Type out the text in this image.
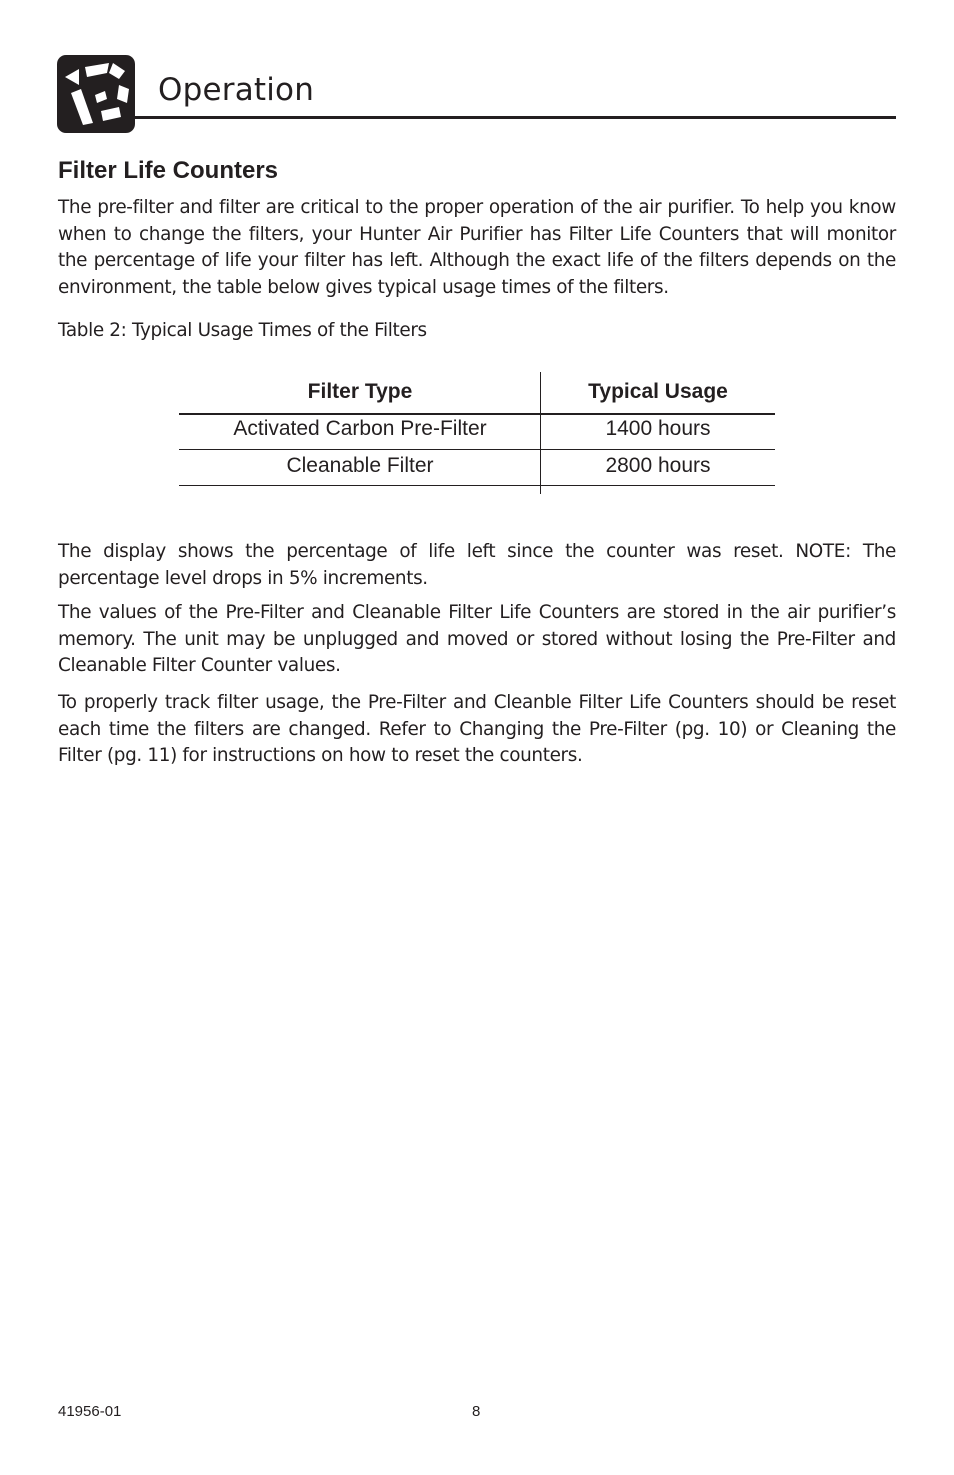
Operation
Filter Life Counters

The pre-filter and filter are critical to the proper operation of the air purifier. To help you know when to change the filters, your Hunter Air Purifier has Filter Life Counters that will monitor the percentage of life your filter has left. Although the exact life of the filters depends on the environment, the table below gives typical usage times of the filters.

Table 2: Typical Usage Times of the Filters

Filter Type	Typical Usage
Activated Carbon Pre-Filter	1400 hours
Cleanable Filter	2800 hours

The display shows the percentage of life left since the counter was reset. NOTE: The percentage level drops in 5% increments.

The values of the Pre-Filter and Cleanable Filter Life Counters are stored in the air purifier’s memory. The unit may be unplugged and moved or stored without losing the Pre-Filter and Cleanable Filter Counter values.

To properly track filter usage, the Pre-Filter and Cleanble Filter Life Counters should be reset each time the filters are changed. Refer to Changing the Pre-Filter (pg. 10) or Cleaning the Filter (pg. 11) for instructions on how to reset the counters.

41956-01	8
